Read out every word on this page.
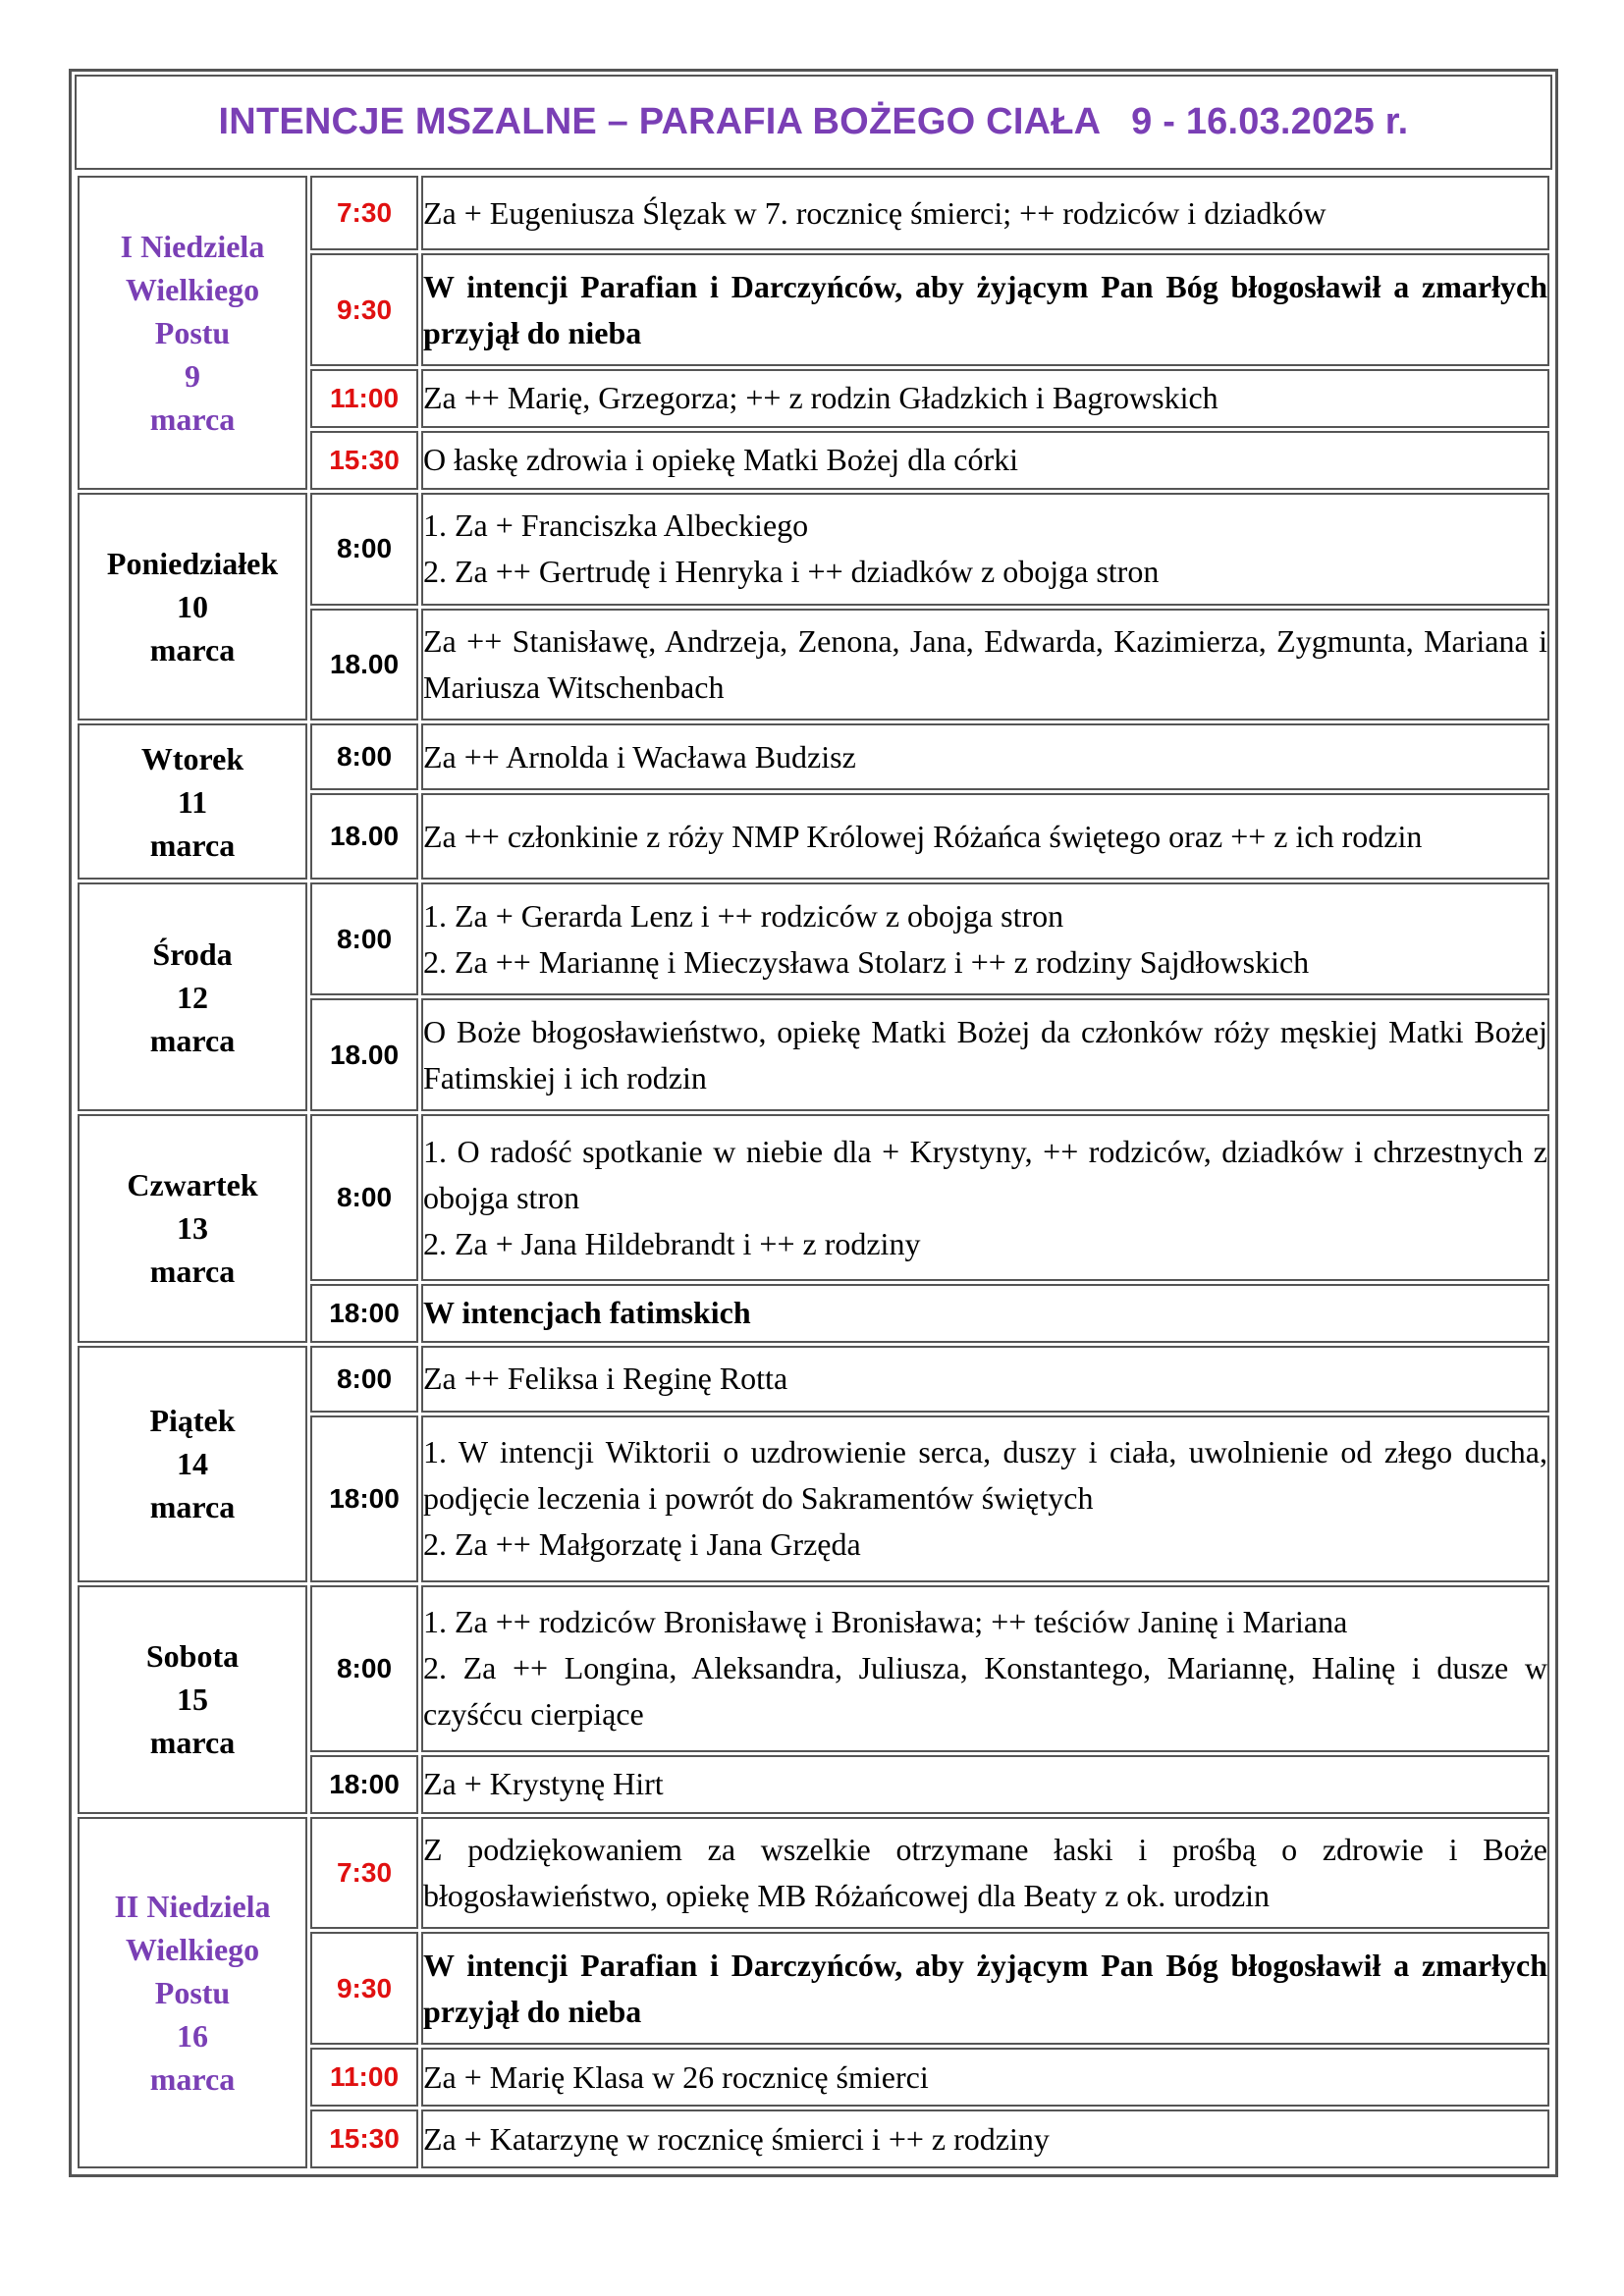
INTENCJE MSZALNE – PARAFIA BOŻEGO CIAŁA   9 - 16.03.2025 r.
I Niedziela
Wielkiego
Postu
9
marca	7:30	Za + Eugeniusza Ślęzak w 7. rocznicę śmierci; ++ rodziców i dziadków

	9:30	W intencji Parafian i Darczyńców, aby żyjącym Pan Bóg błogosławił a zmarłych przyjął do nieba

	11:00	Za ++ Marię, Grzegorza; ++ z rodzin Gładzkich i Bagrowskich

	15:30	O łaskę zdrowia i opiekę Matki Bożej dla córki

Poniedziałek
10
marca	8:00	1. Za + Franciszka Albeckiego
2. Za ++ Gertrudę i Henryka i ++ dziadków z obojga stron

	18.00	Za ++ Stanisławę, Andrzeja, Zenona, Jana, Edwarda, Kazimierza, Zygmunta, Mariana i Mariusza Witschenbach

Wtorek
11
marca	8:00	Za ++ Arnolda i Wacława Budzisz

	18.00	Za ++ członkinie z róży NMP Królowej Różańca świętego oraz ++ z ich rodzin

Środa
12
marca	8:00	1. Za + Gerarda Lenz i ++ rodziców z obojga stron
2. Za ++ Mariannę i Mieczysława Stolarz i ++ z rodziny Sajdłowskich

	18.00	O Boże błogosławieństwo, opiekę Matki Bożej da członków róży męskiej Matki Bożej Fatimskiej i ich rodzin

Czwartek
13
marca	8:00	1. O radość spotkanie w niebie dla + Krystyny, ++ rodziców, dziadków i chrzestnych z obojga stron
2. Za + Jana Hildebrandt i ++ z rodziny

	18:00	W intencjach fatimskich

Piątek
14
marca	8:00	Za ++ Feliksa i Reginę Rotta

	18:00	1. W intencji Wiktorii o uzdrowienie serca, duszy i ciała, uwolnienie od złego ducha, podjęcie leczenia i powrót do Sakramentów świętych
2. Za ++ Małgorzatę i Jana Grzęda

Sobota
15
marca	8:00	1. Za ++ rodziców Bronisławę i Bronisława; ++ teściów Janinę i Mariana
2. Za ++ Longina, Aleksandra, Juliusza, Konstantego, Mariannę, Halinę i dusze w czyśćcu cierpiące

	18:00	Za + Krystynę Hirt

II Niedziela
Wielkiego
Postu
16
marca	7:30	Z podziękowaniem za wszelkie otrzymane łaski i prośbą o zdrowie i Boże błogosławieństwo, opiekę MB Różańcowej dla Beaty z ok. urodzin

	9:30	W intencji Parafian i Darczyńców, aby żyjącym Pan Bóg błogosławił a zmarłych przyjął do nieba

	11:00	Za + Marię Klasa w 26 rocznicę śmierci

	15:30	Za + Katarzynę w rocznicę śmierci i ++ z rodziny
